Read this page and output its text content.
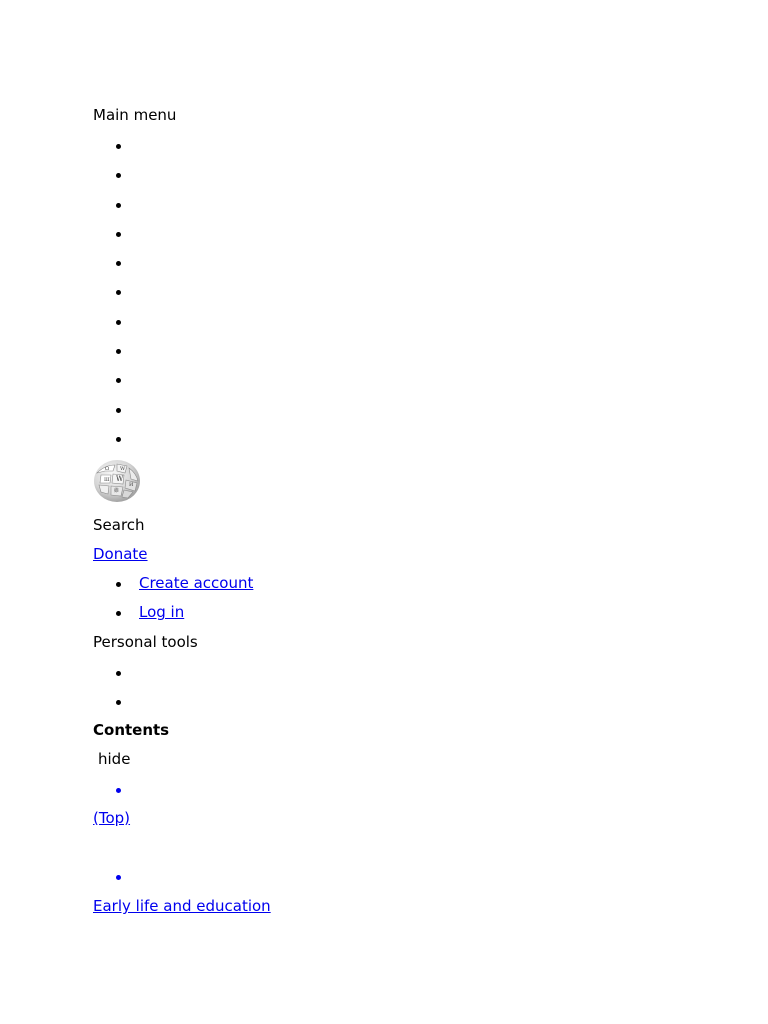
Main menu
Ω W
Ш W
И
維
Search
Donate
Create account
Log in
Personal tools
Contents
hide
(Top)
Early life and education
